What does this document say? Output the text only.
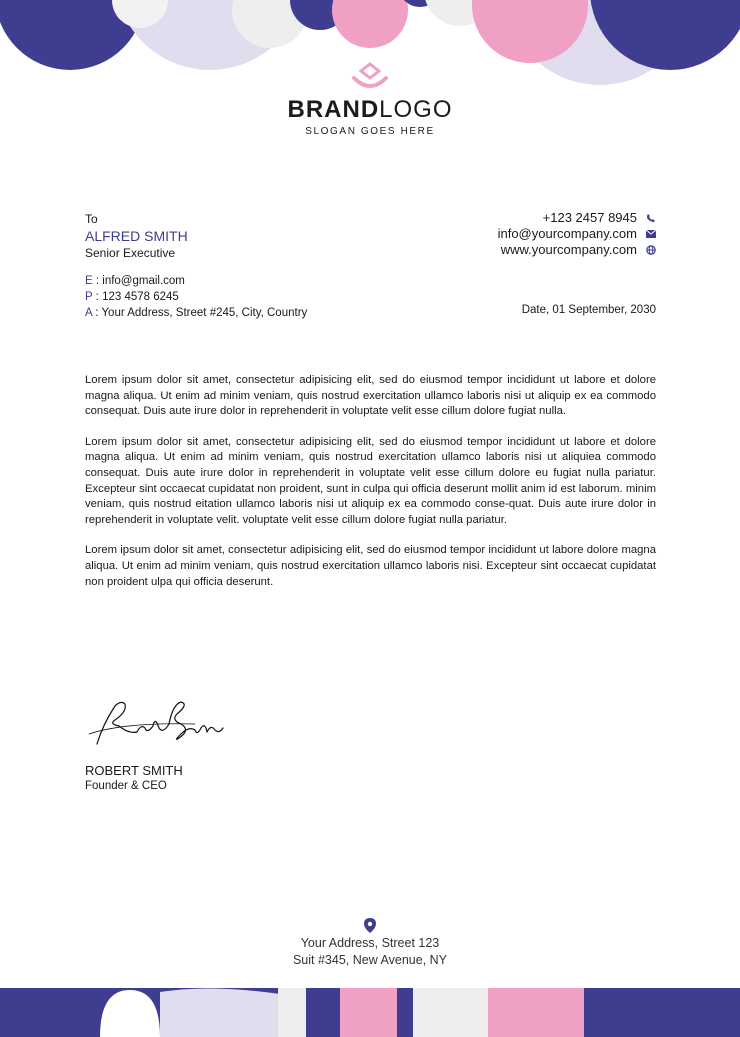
BRANDLOGO
SLOGAN GOES HERE
To
ALFRED SMITH
Senior Executive
E : info@gmail.com
P : 123 4578 6245
A : Your Address, Street #245, City, Country
+123 2457 8945
info@yourcompany.com
www.yourcompany.com
Date, 01 September, 2030

Lorem ipsum dolor sit amet, consectetur adipisicing elit, sed do eiusmod tempor incididunt ut labore et dolore magna aliqua. Ut enim ad minim veniam, quis nostrud exercitation ullamco laboris nisi ut aliquip ex ea commodo consequat. Duis aute irure dolor in reprehenderit in voluptate velit esse cillum dolore fugiat nulla.

Lorem ipsum dolor sit amet, consectetur adipisicing elit, sed do eiusmod tempor incididunt ut labore et dolore magna aliqua. Ut enim ad minim veniam, quis nostrud exercitation ullamco laboris nisi ut aliquiea commodo consequat. Duis aute irure dolor in reprehenderit in voluptate velit esse cillum dolore eu fugiat nulla pariatur. Excepteur sint occaecat cupidatat non proident, sunt in culpa qui officia deserunt mollit anim id est laborum. minim veniam, quis nostrud eitation ullamco laboris nisi ut aliquip ex ea commodo conse-quat. Duis aute irure dolor in reprehenderit in voluptate velit. voluptate velit esse cillum dolore fugiat nulla pariatur.

Lorem ipsum dolor sit amet, consectetur adipisicing elit, sed do eiusmod tempor incididunt ut labore dolore magna aliqua. Ut enim ad minim veniam, quis nostrud exercitation ullamco laboris nisi. Excepteur sint occaecat cupidatat non proident ulpa qui officia deserunt.

ROBERT SMITH
Founder & CEO
Your Address, Street 123
Suit #345, New Avenue, NY
